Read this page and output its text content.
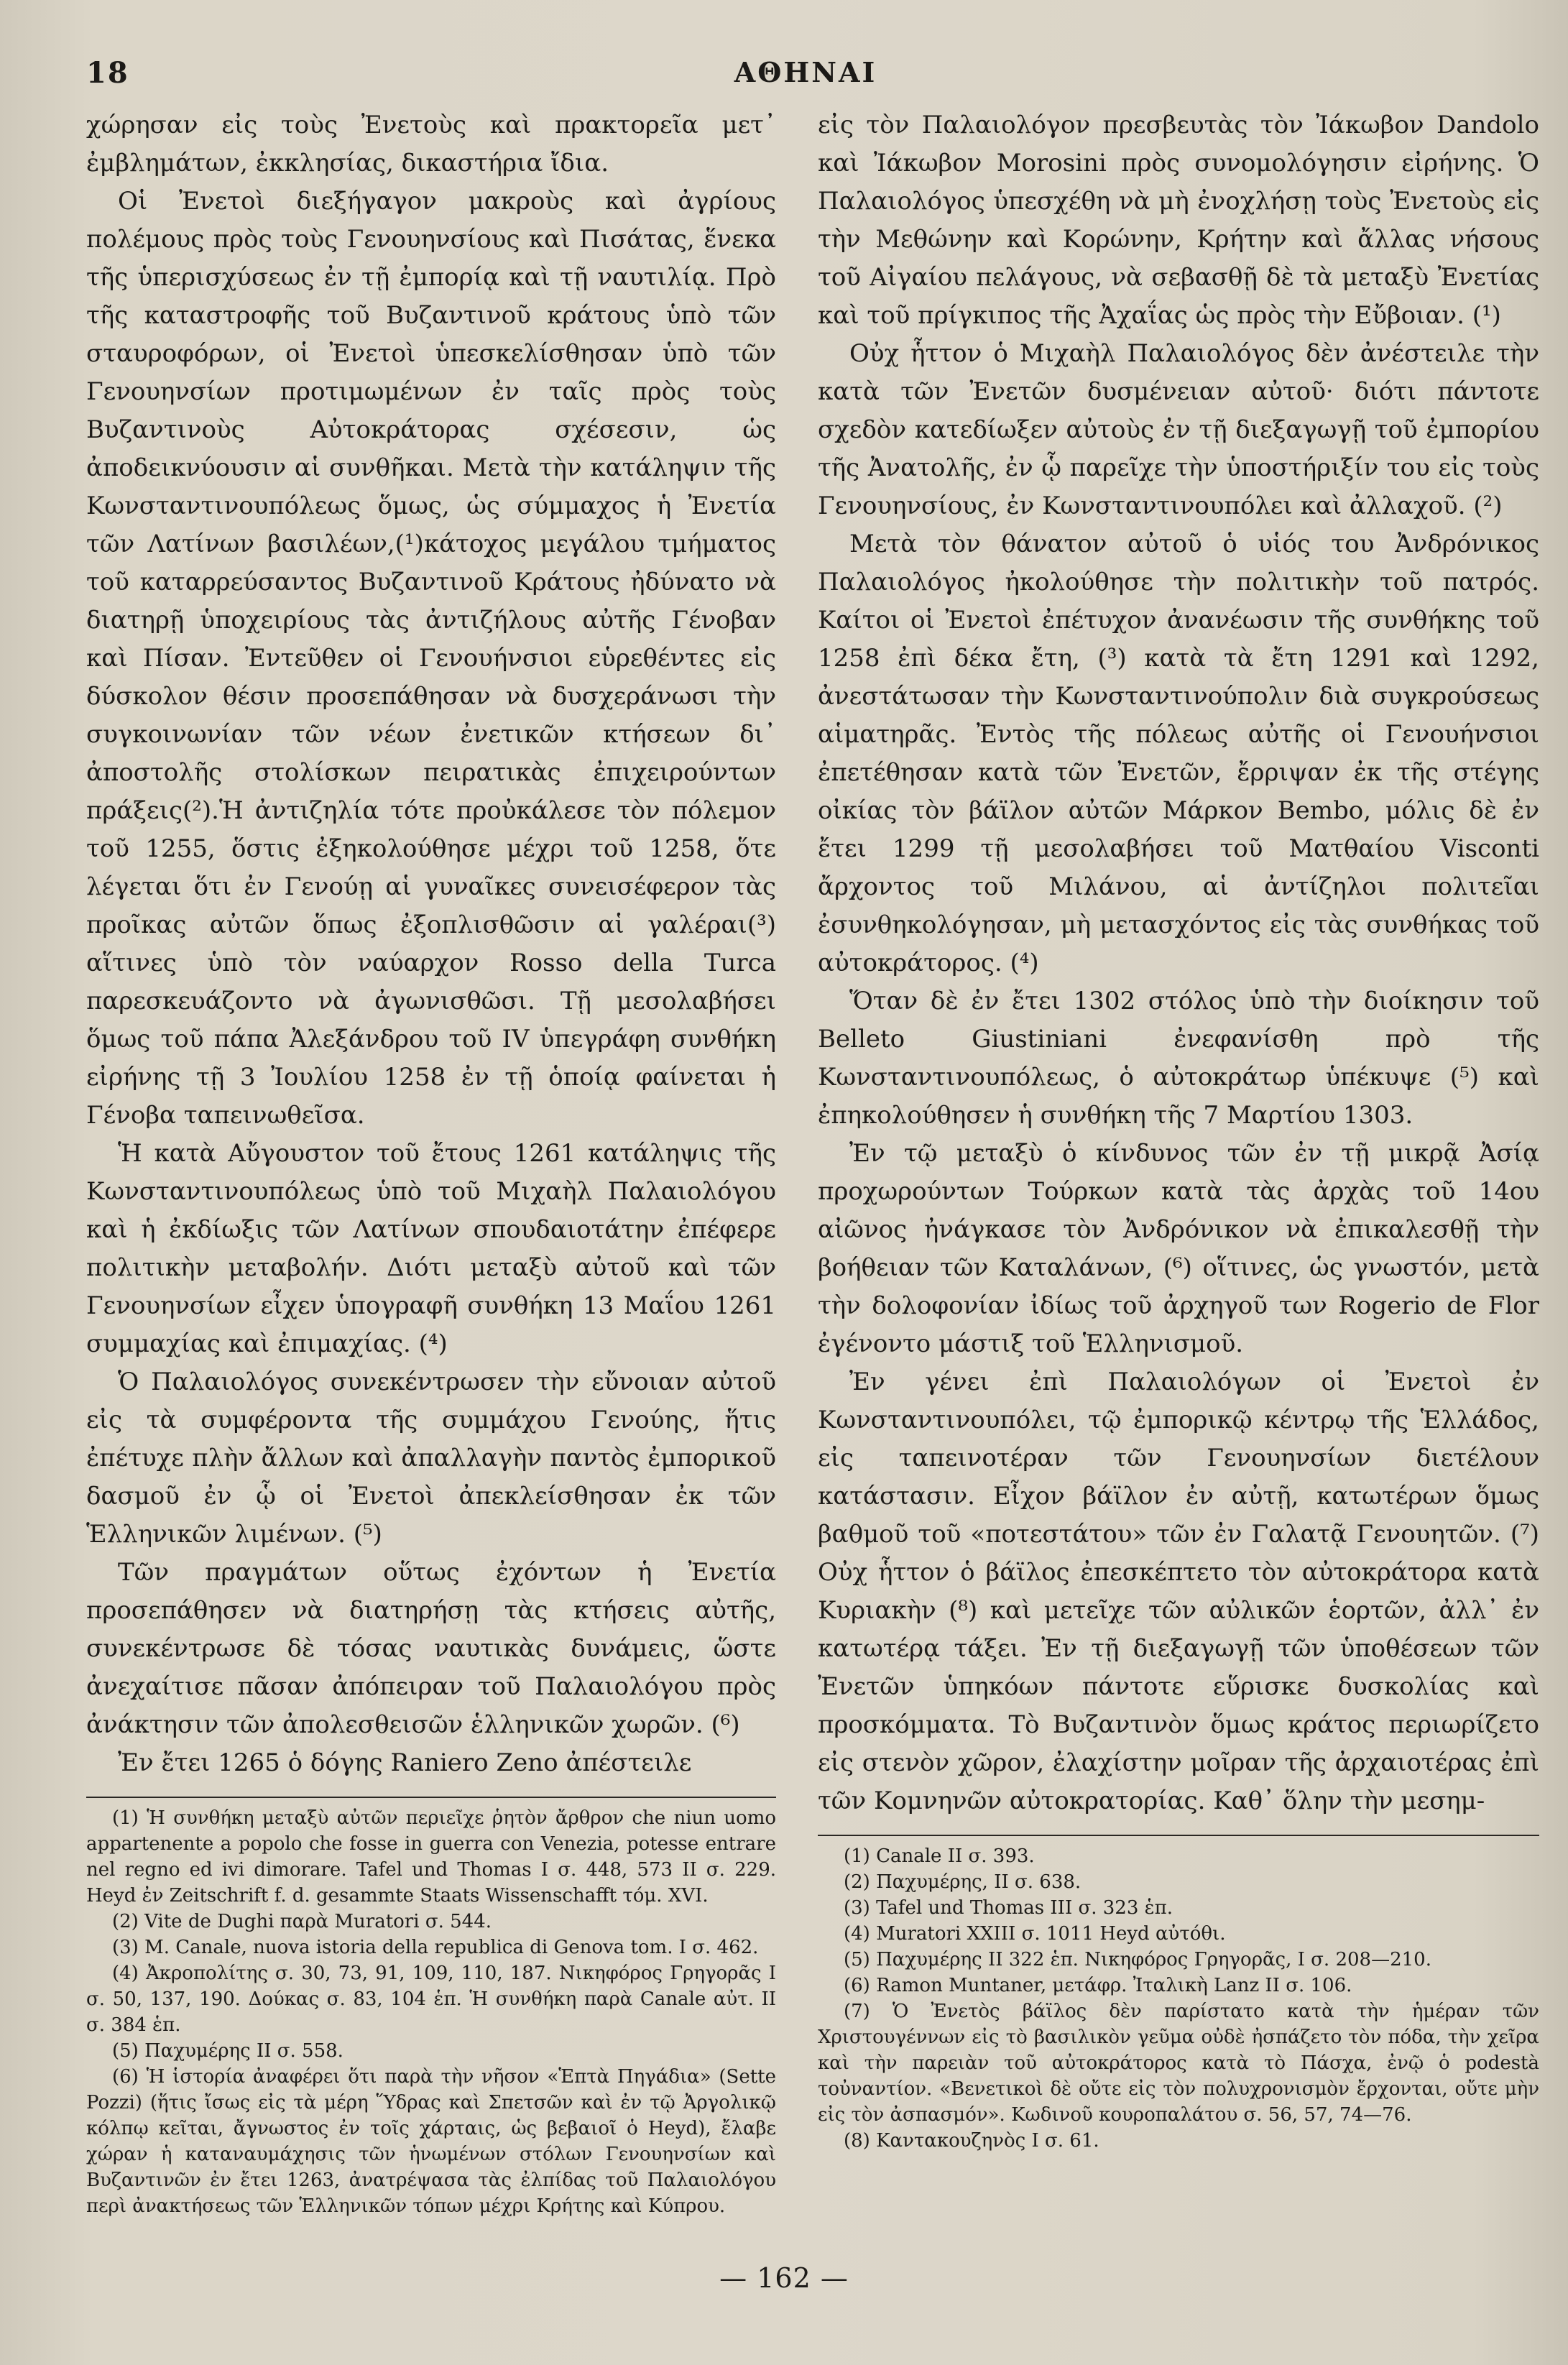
18	ΑΘΗΝΑΙ

χώρησαν εἰς τοὺς Ἐνετοὺς καὶ πρακτορεῖα μετ᾽ ἐμβλημάτων, ἐκκλησίας, δικαστήρια ἴδια.

Οἱ Ἐνετοὶ διεξήγαγον μακροὺς καὶ ἀγρίους πολέμους πρὸς τοὺς Γενουηνσίους καὶ Πισάτας, ἕνεκα τῆς ὑπερισχύσεως ἐν τῇ ἐμπορίᾳ καὶ τῇ ναυτιλίᾳ. Πρὸ τῆς καταστροφῆς τοῦ Βυζαντινοῦ κράτους ὑπὸ τῶν σταυροφόρων, οἱ Ἐνετοὶ ὑπεσκελίσθησαν ὑπὸ τῶν Γενουηνσίων προτιμωμένων ἐν ταῖς πρὸς τοὺς Βυζαντινοὺς Αὐτοκράτορας σχέσεσιν, ὡς ἀποδεικνύουσιν αἱ συνθῆκαι. Μετὰ τὴν κατάληψιν τῆς Κωνσταντινουπόλεως ὅμως, ὡς σύμμαχος ἡ Ἐνετία τῶν Λατίνων βασιλέων,(¹)κάτοχος μεγάλου τμήματος τοῦ καταρρεύσαντος Βυζαντινοῦ Κράτους ἠδύνατο νὰ διατηρῇ ὑποχειρίους τὰς ἀντιζήλους αὐτῆς Γένοβαν καὶ Πίσαν. Ἐντεῦθεν οἱ Γενουήνσιοι εὑρεθέντες εἰς δύσκολον θέσιν προσεπάθησαν νὰ δυσχεράνωσι τὴν συγκοινωνίαν τῶν νέων ἐνετικῶν κτήσεων δι᾽ ἀποστολῆς στολίσκων πειρατικὰς ἐπιχειρούντων πράξεις(²).Ἡ ἀντιζηλία τότε προὐκάλεσε τὸν πόλεμον τοῦ 1255, ὅστις ἐξηκολούθησε μέχρι τοῦ 1258, ὅτε λέγεται ὅτι ἐν Γενούῃ αἱ γυναῖκες συνεισέφερον τὰς προῖκας αὐτῶν ὅπως ἐξοπλισθῶσιν αἱ γαλέραι(³) αἵτινες ὑπὸ τὸν ναύαρχον Rosso della Turca παρεσκευάζοντο νὰ ἀγωνισθῶσι. Τῇ μεσολαβήσει ὅμως τοῦ πάπα Ἀλεξάνδρου τοῦ IV ὑπεγράφη συνθήκη εἰρήνης τῇ 3 Ἰουλίου 1258 ἐν τῇ ὁποίᾳ φαίνεται ἡ Γένοβα ταπεινωθεῖσα.

Ἡ κατὰ Αὔγουστον τοῦ ἔτους 1261 κατάληψις τῆς Κωνσταντινουπόλεως ὑπὸ τοῦ Μιχαὴλ Παλαιολόγου καὶ ἡ ἐκδίωξις τῶν Λατίνων σπουδαιοτάτην ἐπέφερε πολιτικὴν μεταβολήν. Διότι μεταξὺ αὐτοῦ καὶ τῶν Γενουηνσίων εἶχεν ὑπογραφῆ συνθήκη 13 Μαΐου 1261 συμμαχίας καὶ ἐπιμαχίας. (⁴)

Ὁ Παλαιολόγος συνεκέντρωσεν τὴν εὔνοιαν αὐτοῦ εἰς τὰ συμφέροντα τῆς συμμάχου Γενούης, ἥτις ἐπέτυχε πλὴν ἄλλων καὶ ἀπαλλαγὴν παντὸς ἐμπορικοῦ δασμοῦ ἐν ᾧ οἱ Ἐνετοὶ ἀπεκλείσθησαν ἐκ τῶν Ἑλληνικῶν λιμένων. (⁵)

Τῶν πραγμάτων οὕτως ἐχόντων ἡ Ἐνετία προσεπάθησεν νὰ διατηρήσῃ τὰς κτήσεις αὐτῆς, συνεκέντρωσε δὲ τόσας ναυτικὰς δυνάμεις, ὥστε ἀνεχαίτισε πᾶσαν ἀπόπειραν τοῦ Παλαιολόγου πρὸς ἀνάκτησιν τῶν ἀπολεσθεισῶν ἑλληνικῶν χωρῶν. (⁶)

Ἐν ἔτει 1265 ὁ δόγης Raniero Zeno ἀπέστειλε

(1) Ἡ συνθήκη μεταξὺ αὐτῶν περιεῖχε ῥητὸν ἄρθρον che niun uomo appartenente a popolo che fosse in guerra con Venezia, potesse entrare nel regno ed ivi dimorare. Tafel und Thomas I σ. 448, 573 II σ. 229. Heyd ἐν Zeitschrift f. d. gesammte Staats Wissenschafft τόμ. XVI.

(2) Vite de Dughi παρὰ Muratori σ. 544.

(3) M. Canale, nuova istoria della republica di Genova tom. I σ. 462.

(4) Ἀκροπολίτης σ. 30, 73, 91, 109, 110, 187. Νικηφόρος Γρηγορᾶς I σ. 50, 137, 190. Δούκας σ. 83, 104 ἑπ. Ἡ συνθήκη παρὰ Canale αὐτ. II σ. 384 ἑπ.

(5) Παχυμέρης II σ. 558.

(6) Ἡ ἱστορία ἀναφέρει ὅτι παρὰ τὴν νῆσον «Ἑπτὰ Πηγάδια» (Sette Pozzi) (ἥτις ἴσως εἰς τὰ μέρη Ὕδρας καὶ Σπετσῶν καὶ ἐν τῷ Ἀργολικῷ κόλπῳ κεῖται, ἄγνωστος ἐν τοῖς χάρταις, ὡς βεβαιοῖ ὁ Heyd), ἔλαβε χώραν ἡ καταναυμάχησις τῶν ἡνωμένων στόλων Γενουηνσίων καὶ Βυζαντινῶν ἐν ἔτει 1263, ἀνατρέψασα τὰς ἐλπίδας τοῦ Παλαιολόγου περὶ ἀνακτήσεως τῶν Ἑλληνικῶν τόπων μέχρι Κρήτης καὶ Κύπρου.

εἰς τὸν Παλαιολόγον πρεσβευτὰς τὸν Ἰάκωβον Dandolo καὶ Ἰάκωβον Morosini πρὸς συνομολόγησιν εἰρήνης. Ὁ Παλαιολόγος ὑπεσχέθη νὰ μὴ ἐνοχλήσῃ τοὺς Ἐνετοὺς εἰς τὴν Μεθώνην καὶ Κορώνην, Κρήτην καὶ ἄλλας νήσους τοῦ Αἰγαίου πελάγους, νὰ σεβασθῇ δὲ τὰ μεταξὺ Ἐνετίας καὶ τοῦ πρίγκιπος τῆς Ἀχαΐας ὡς πρὸς τὴν Εὔβοιαν. (¹)

Οὐχ ἧττον ὁ Μιχαὴλ Παλαιολόγος δὲν ἀνέστειλε τὴν κατὰ τῶν Ἐνετῶν δυσμένειαν αὐτοῦ· διότι πάντοτε σχεδὸν κατεδίωξεν αὐτοὺς ἐν τῇ διεξαγωγῇ τοῦ ἐμπορίου τῆς Ἀνατολῆς, ἐν ᾧ παρεῖχε τὴν ὑποστήριξίν του εἰς τοὺς Γενουηνσίους, ἐν Κωνσταντινουπόλει καὶ ἀλλαχοῦ. (²)

Μετὰ τὸν θάνατον αὐτοῦ ὁ υἱός του Ἀνδρόνικος Παλαιολόγος ἠκολούθησε τὴν πολιτικὴν τοῦ πατρός. Καίτοι οἱ Ἐνετοὶ ἐπέτυχον ἀνανέωσιν τῆς συνθήκης τοῦ 1258 ἐπὶ δέκα ἔτη, (³) κατὰ τὰ ἔτη 1291 καὶ 1292, ἀνεστάτωσαν τὴν Κωνσταντινούπολιν διὰ συγκρούσεως αἱματηρᾶς. Ἐντὸς τῆς πόλεως αὐτῆς οἱ Γενουήνσιοι ἐπετέθησαν κατὰ τῶν Ἐνετῶν, ἔρριψαν ἐκ τῆς στέγης οἰκίας τὸν βάϊλον αὐτῶν Μάρκον Bembo, μόλις δὲ ἐν ἔτει 1299 τῇ μεσολαβήσει τοῦ Ματθαίου Visconti ἄρχοντος τοῦ Μιλάνου, αἱ ἀντίζηλοι πολιτεῖαι ἐσυνθηκολόγησαν, μὴ μετασχόντος εἰς τὰς συνθήκας τοῦ αὐτοκράτορος. (⁴)

Ὅταν δὲ ἐν ἔτει 1302 στόλος ὑπὸ τὴν διοίκησιν τοῦ Belleto Giustiniani ἐνεφανίσθη πρὸ τῆς Κωνσταντινουπόλεως, ὁ αὐτοκράτωρ ὑπέκυψε (⁵) καὶ ἐπηκολούθησεν ἡ συνθήκη τῆς 7 Μαρτίου 1303.

Ἐν τῷ μεταξὺ ὁ κίνδυνος τῶν ἐν τῇ μικρᾷ Ἀσίᾳ προχωρούντων Τούρκων κατὰ τὰς ἀρχὰς τοῦ 14ου αἰῶνος ἠνάγκασε τὸν Ἀνδρόνικον νὰ ἐπικαλεσθῇ τὴν βοήθειαν τῶν Καταλάνων, (⁶) οἵτινες, ὡς γνωστόν, μετὰ τὴν δολοφονίαν ἰδίως τοῦ ἀρχηγοῦ των Rogerio de Flor ἐγένοντο μάστιξ τοῦ Ἑλληνισμοῦ.

Ἐν γένει ἐπὶ Παλαιολόγων οἱ Ἐνετοὶ ἐν Κωνσταντινουπόλει, τῷ ἐμπορικῷ κέντρῳ τῆς Ἑλλάδος, εἰς ταπεινοτέραν τῶν Γενουηνσίων διετέλουν κατάστασιν. Εἶχον βάϊλον ἐν αὐτῇ, κατωτέρων ὅμως βαθμοῦ τοῦ «ποτεστάτου» τῶν ἐν Γαλατᾷ Γενουητῶν. (⁷) Οὐχ ἧττον ὁ βάϊλος ἐπεσκέπτετο τὸν αὐτοκράτορα κατὰ Κυριακὴν (⁸) καὶ μετεῖχε τῶν αὐλικῶν ἑορτῶν, ἀλλ᾽ ἐν κατωτέρᾳ τάξει. Ἐν τῇ διεξαγωγῇ τῶν ὑποθέσεων τῶν Ἐνετῶν ὑπηκόων πάντοτε εὕρισκε δυσκολίας καὶ προσκόμματα. Τὸ Βυζαντινὸν ὅμως κράτος περιωρίζετο εἰς στενὸν χῶρον, ἐλαχίστην μοῖραν τῆς ἀρχαιοτέρας ἐπὶ τῶν Κομνηνῶν αὐτοκρατορίας. Καθ᾽ ὅλην τὴν μεσημ-

(1) Canale II σ. 393.

(2) Παχυμέρης, II σ. 638.

(3) Tafel und Thomas III σ. 323 ἑπ.

(4) Muratori XXIII σ. 1011 Heyd αὐτόθι.

(5) Παχυμέρης II 322 ἑπ. Νικηφόρος Γρηγορᾶς, I σ. 208—210.

(6) Ramon Muntaner, μετάφρ. Ἰταλικὴ Lanz II σ. 106.

(7) Ὁ Ἐνετὸς βάϊλος δὲν παρίστατο κατὰ τὴν ἡμέραν τῶν Χριστουγέννων εἰς τὸ βασιλικὸν γεῦμα οὐδὲ ἠσπάζετο τὸν πόδα, τὴν χεῖρα καὶ τὴν παρειὰν τοῦ αὐτοκράτορος κατὰ τὸ Πάσχα, ἐνῷ ὁ podestà τοὐναντίον. «Βενετικοὶ δὲ οὔτε εἰς τὸν πολυχρονισμὸν ἔρχονται, οὔτε μὴν εἰς τὸν ἀσπασμόν». Κωδινοῦ κουροπαλάτου σ. 56, 57, 74—76.

(8) Καντακουζηνὸς I σ. 61.

— 162 —
